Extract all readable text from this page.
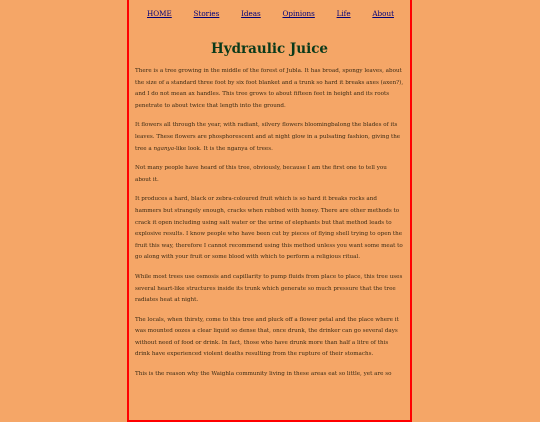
HOME	Stories	Ideas	Opinions	Life	About
Hydraulic Juice

There is a tree growing in the middle of the forest of Jubla. It has broad, spongy leaves, about the size of a standard three foot by six foot blanket and a trunk so hard it breaks axes (axen?), and I do not mean ax handles. This tree grows to about fifteen feet in height and its roots penetrate to about twice that length into the ground.

It flowers all through the year, with radiant, silvery flowers bloomingbalong the blades of its leaves. These flowers are phosphorescent and at night glow in a pulsating fashion, giving the tree a nganya-like look. It is the nganya of trees.

Not many people have heard of this tree, obviously, because I am the first one to tell you about it.

It produces a hard, black or zebra-coloured fruit which is so hard it breaks rocks and hammers but strangely enough, cracks when rubbed with honey. There are other methods to crack it open including using salt water or the urine of elephants but that method leads to explosive results. I know people who have been cut by pieces of flying shell trying to open the fruit this way, therefore I cannot recommend using this method unless you want some meat to go along with your fruit or some blood with which to perform a religious ritual.

While most trees use osmosis and capillarity to pump fluids from place to place, this tree uses several heart-like structures inside its trunk which generate so much pressure that the tree radiates heat at night.

The locals, when thirsty, come to this tree and pluck off a flower petal and the place where it was mounted oozes a clear liquid so dense that, once drunk, the drinker can go several days without need of food or drink. In fact, those who have drunk more than half a litre of this drink have experienced violent deaths resulting from the rupture of their stomachs.

This is the reason why the Waighla community living in these areas eat so little, yet are so
